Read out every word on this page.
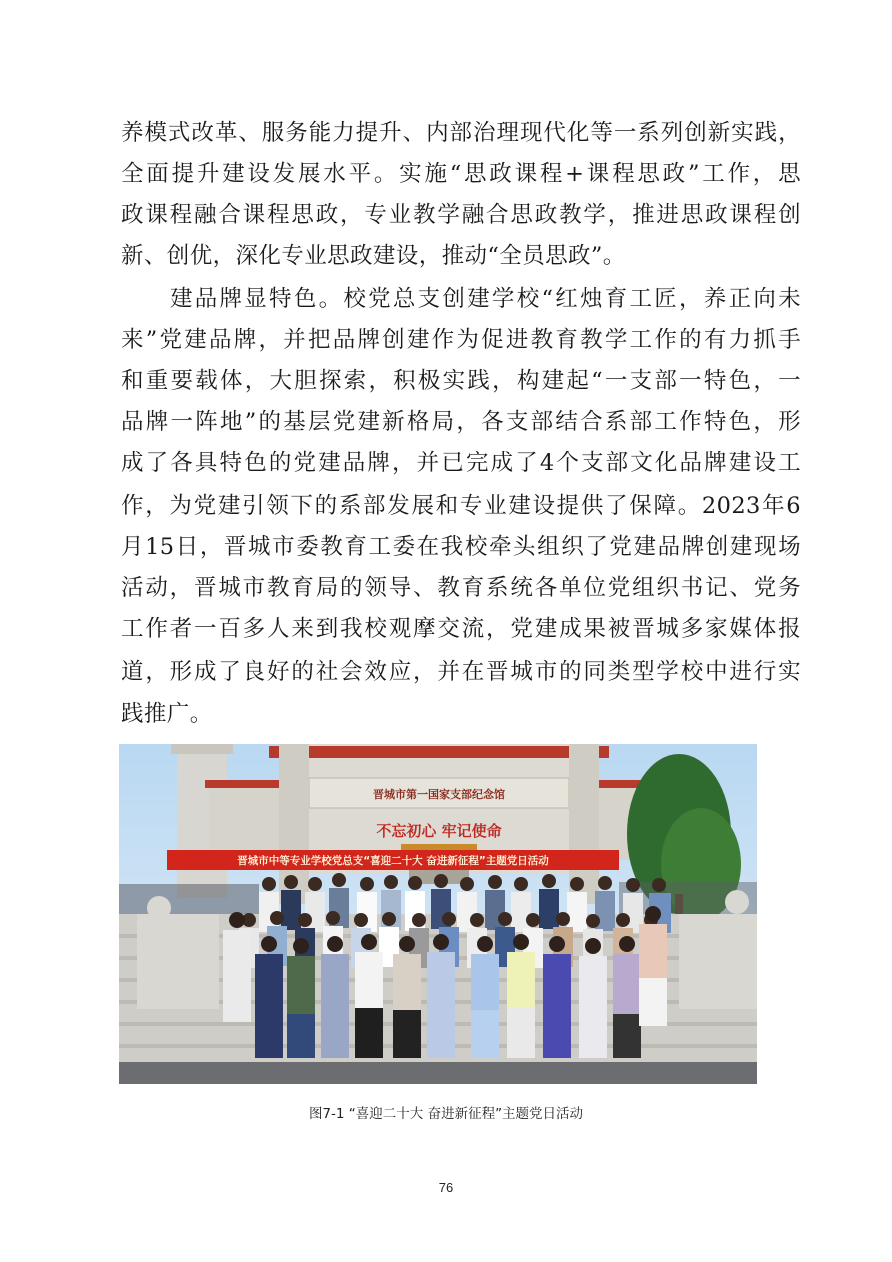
养模式改革、服务能力提升、内部治理现代化等一系列创新实践，
全面提升建设发展水平。实施“思政课程+课程思政”工作，思
政课程融合课程思政，专业教学融合思政教学，推进思政课程创
新、创优，深化专业思政建设，推动“全员思政”。
建品牌显特色。校党总支创建学校“红烛育工匠，养正向未
来”党建品牌，并把品牌创建作为促进教育教学工作的有力抓手
和重要载体，大胆探索，积极实践，构建起“一支部一特色，一
品牌一阵地”的基层党建新格局，各支部结合系部工作特色，形
成了各具特色的党建品牌，并已完成了4个支部文化品牌建设工
作，为党建引领下的系部发展和专业建设提供了保障。2023年6
月15日，晋城市委教育工委在我校牵头组织了党建品牌创建现场
活动，晋城市教育局的领导、教育系统各单位党组织书记、党务
工作者一百多人来到我校观摩交流，党建成果被晋城多家媒体报
道，形成了良好的社会效应，并在晋城市的同类型学校中进行实
践推广。
晋城市第一国家支部纪念馆
不忘初心 牢记使命
晋城市中等专业学校党总支“喜迎二十大 奋进新征程”主题党日活动
图7-1 “喜迎二十大 奋进新征程”主题党日活动
76
